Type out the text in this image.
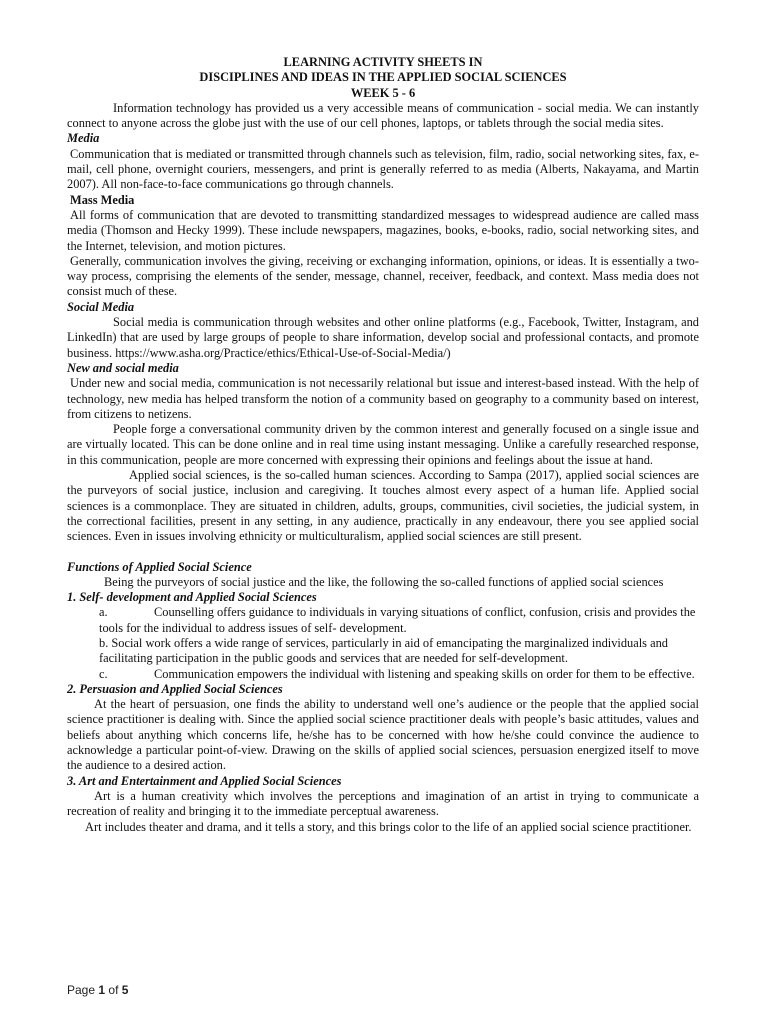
LEARNING ACTIVITY SHEETS IN
DISCIPLINES AND IDEAS IN THE APPLIED SOCIAL SCIENCES
WEEK 5 - 6

Information technology has provided us a very accessible means of communication - social media. We can instantly connect to anyone across the globe just with the use of our cell phones, laptops, or tablets through the social media sites.

Media

Communication that is mediated or transmitted through channels such as television, film, radio, social networking sites, fax, e-mail, cell phone, overnight couriers, messengers, and print is generally referred to as media (Alberts, Nakayama, and Martin 2007). All non-face-to-face communications go through channels.

Mass Media

All forms of communication that are devoted to transmitting standardized messages to widespread audience are called mass media (Thomson and Hecky 1999). These include newspapers, magazines, books, e-books, radio, social networking sites, and the Internet, television, and motion pictures.

Generally, communication involves the giving, receiving or exchanging information, opinions, or ideas. It is essentially a two-way process, comprising the elements of the sender, message, channel, receiver, feedback, and context. Mass media does not consist much of these.

Social Media

Social media is communication through websites and other online platforms (e.g., Facebook, Twitter, Instagram, and LinkedIn) that are used by large groups of people to share information, develop social and professional contacts, and promote business. https://www.asha.org/Practice/ethics/Ethical-Use-of-Social-Media/)

New and social media

Under new and social media, communication is not necessarily relational but issue and interest-based instead. With the help of technology, new media has helped transform the notion of a community based on geography to a community based on interest, from citizens to netizens.

People forge a conversational community driven by the common interest and generally focused on a single issue and are virtually located. This can be done online and in real time using instant messaging. Unlike a carefully researched response, in this communication, people are more concerned with expressing their opinions and feelings about the issue at hand.

Applied social sciences, is the so-called human sciences. According to Sampa (2017), applied social sciences are the purveyors of social justice, inclusion and caregiving. It touches almost every aspect of a human life. Applied social sciences is a commonplace. They are situated in children, adults, groups, communities, civil societies, the judicial system, in the correctional facilities, present in any setting, in any audience, practically in any endeavour, there you see applied social sciences. Even in issues involving ethnicity or multiculturalism, applied social sciences are still present.

Functions of Applied Social Science

Being the purveyors of social justice and the like, the following the so-called functions of applied social sciences

1. Self- development and Applied Social Sciences

a.	Counselling offers guidance to individuals in varying situations of conflict, confusion, crisis and provides the tools for the individual to address issues of self- development.

b. Social work offers a wide range of services, particularly in aid of emancipating the marginalized individuals and facilitating participation in the public goods and services that are needed for self-development.

c.	Communication empowers the individual with listening and speaking skills on order for them to be effective.

2. Persuasion and Applied Social Sciences

At the heart of persuasion, one finds the ability to understand well one’s audience or the people that the applied social science practitioner is dealing with. Since the applied social science practitioner deals with people’s basic attitudes, values and beliefs about anything which concerns life, he/she has to be concerned with how he/she could convince the audience to acknowledge a particular point-of-view. Drawing on the skills of applied social sciences, persuasion energized itself to move the audience to a desired action.

3. Art and Entertainment and Applied Social Sciences

Art is a human creativity which involves the perceptions and imagination of an artist in trying to communicate a recreation of reality and bringing it to the immediate perceptual awareness.

Art includes theater and drama, and it tells a story, and this brings color to the life of an applied social science practitioner.

Page 1 of 5
